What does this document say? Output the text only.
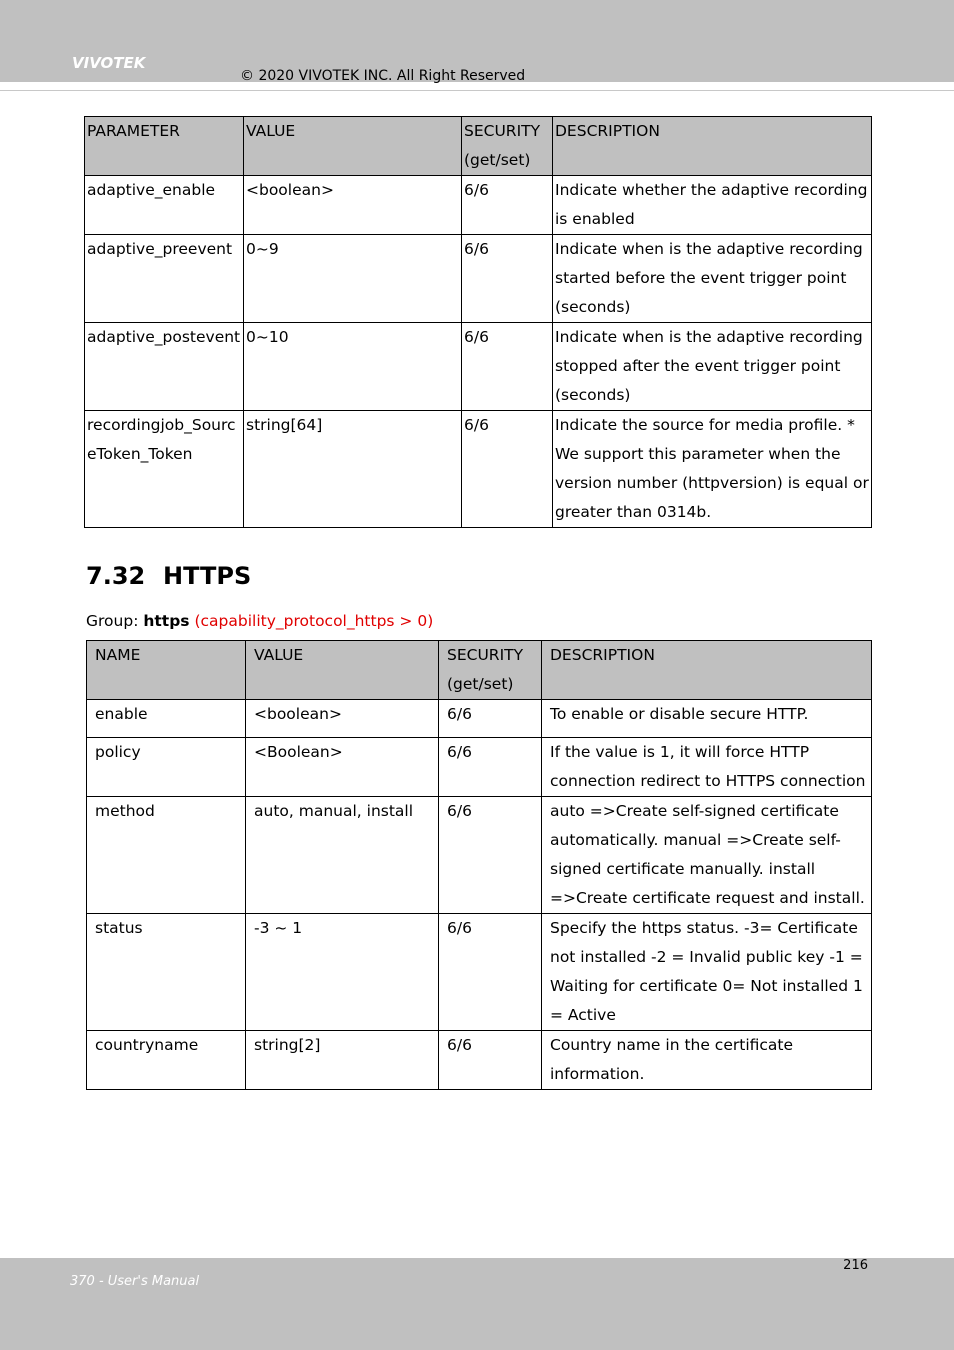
VIVOTEK
© 2020 VIVOTEK INC. All Right Reserved
PARAMETER	VALUE	SECURITY (get/set)	DESCRIPTION
adaptive_enable	<boolean>	6/6	Indicate whether the adaptive recording is enabled
adaptive_preevent	0~9	6/6	Indicate when is the adaptive recording started before the event trigger point (seconds)
adaptive_postevent	0~10	6/6	Indicate when is the adaptive recording stopped after the event trigger point (seconds)
recordingjob_SourceToken_Token	string[64]	6/6	Indicate the source for media profile. * We support this parameter when the version number (httpversion) is equal or greater than 0314b.
7.32 HTTPS
Group: https (capability_protocol_https > 0)
NAME	VALUE	SECURITY (get/set)	DESCRIPTION
enable	<boolean>	6/6	To enable or disable secure HTTP.
policy	<Boolean>	6/6	If the value is 1, it will force HTTP connection redirect to HTTPS connection
method	auto, manual, install	6/6	auto =>Create self-signed certificate automatically. manual =>Create self-signed certificate manually. install =>Create certificate request and install.
status	-3 ~ 1	6/6	Specify the https status. -3= Certificate not installed -2 = Invalid public key -1 = Waiting for certificate 0= Not installed 1 = Active
countryname	string[2]	6/6	Country name in the certificate information.
216
370 - User's Manual
